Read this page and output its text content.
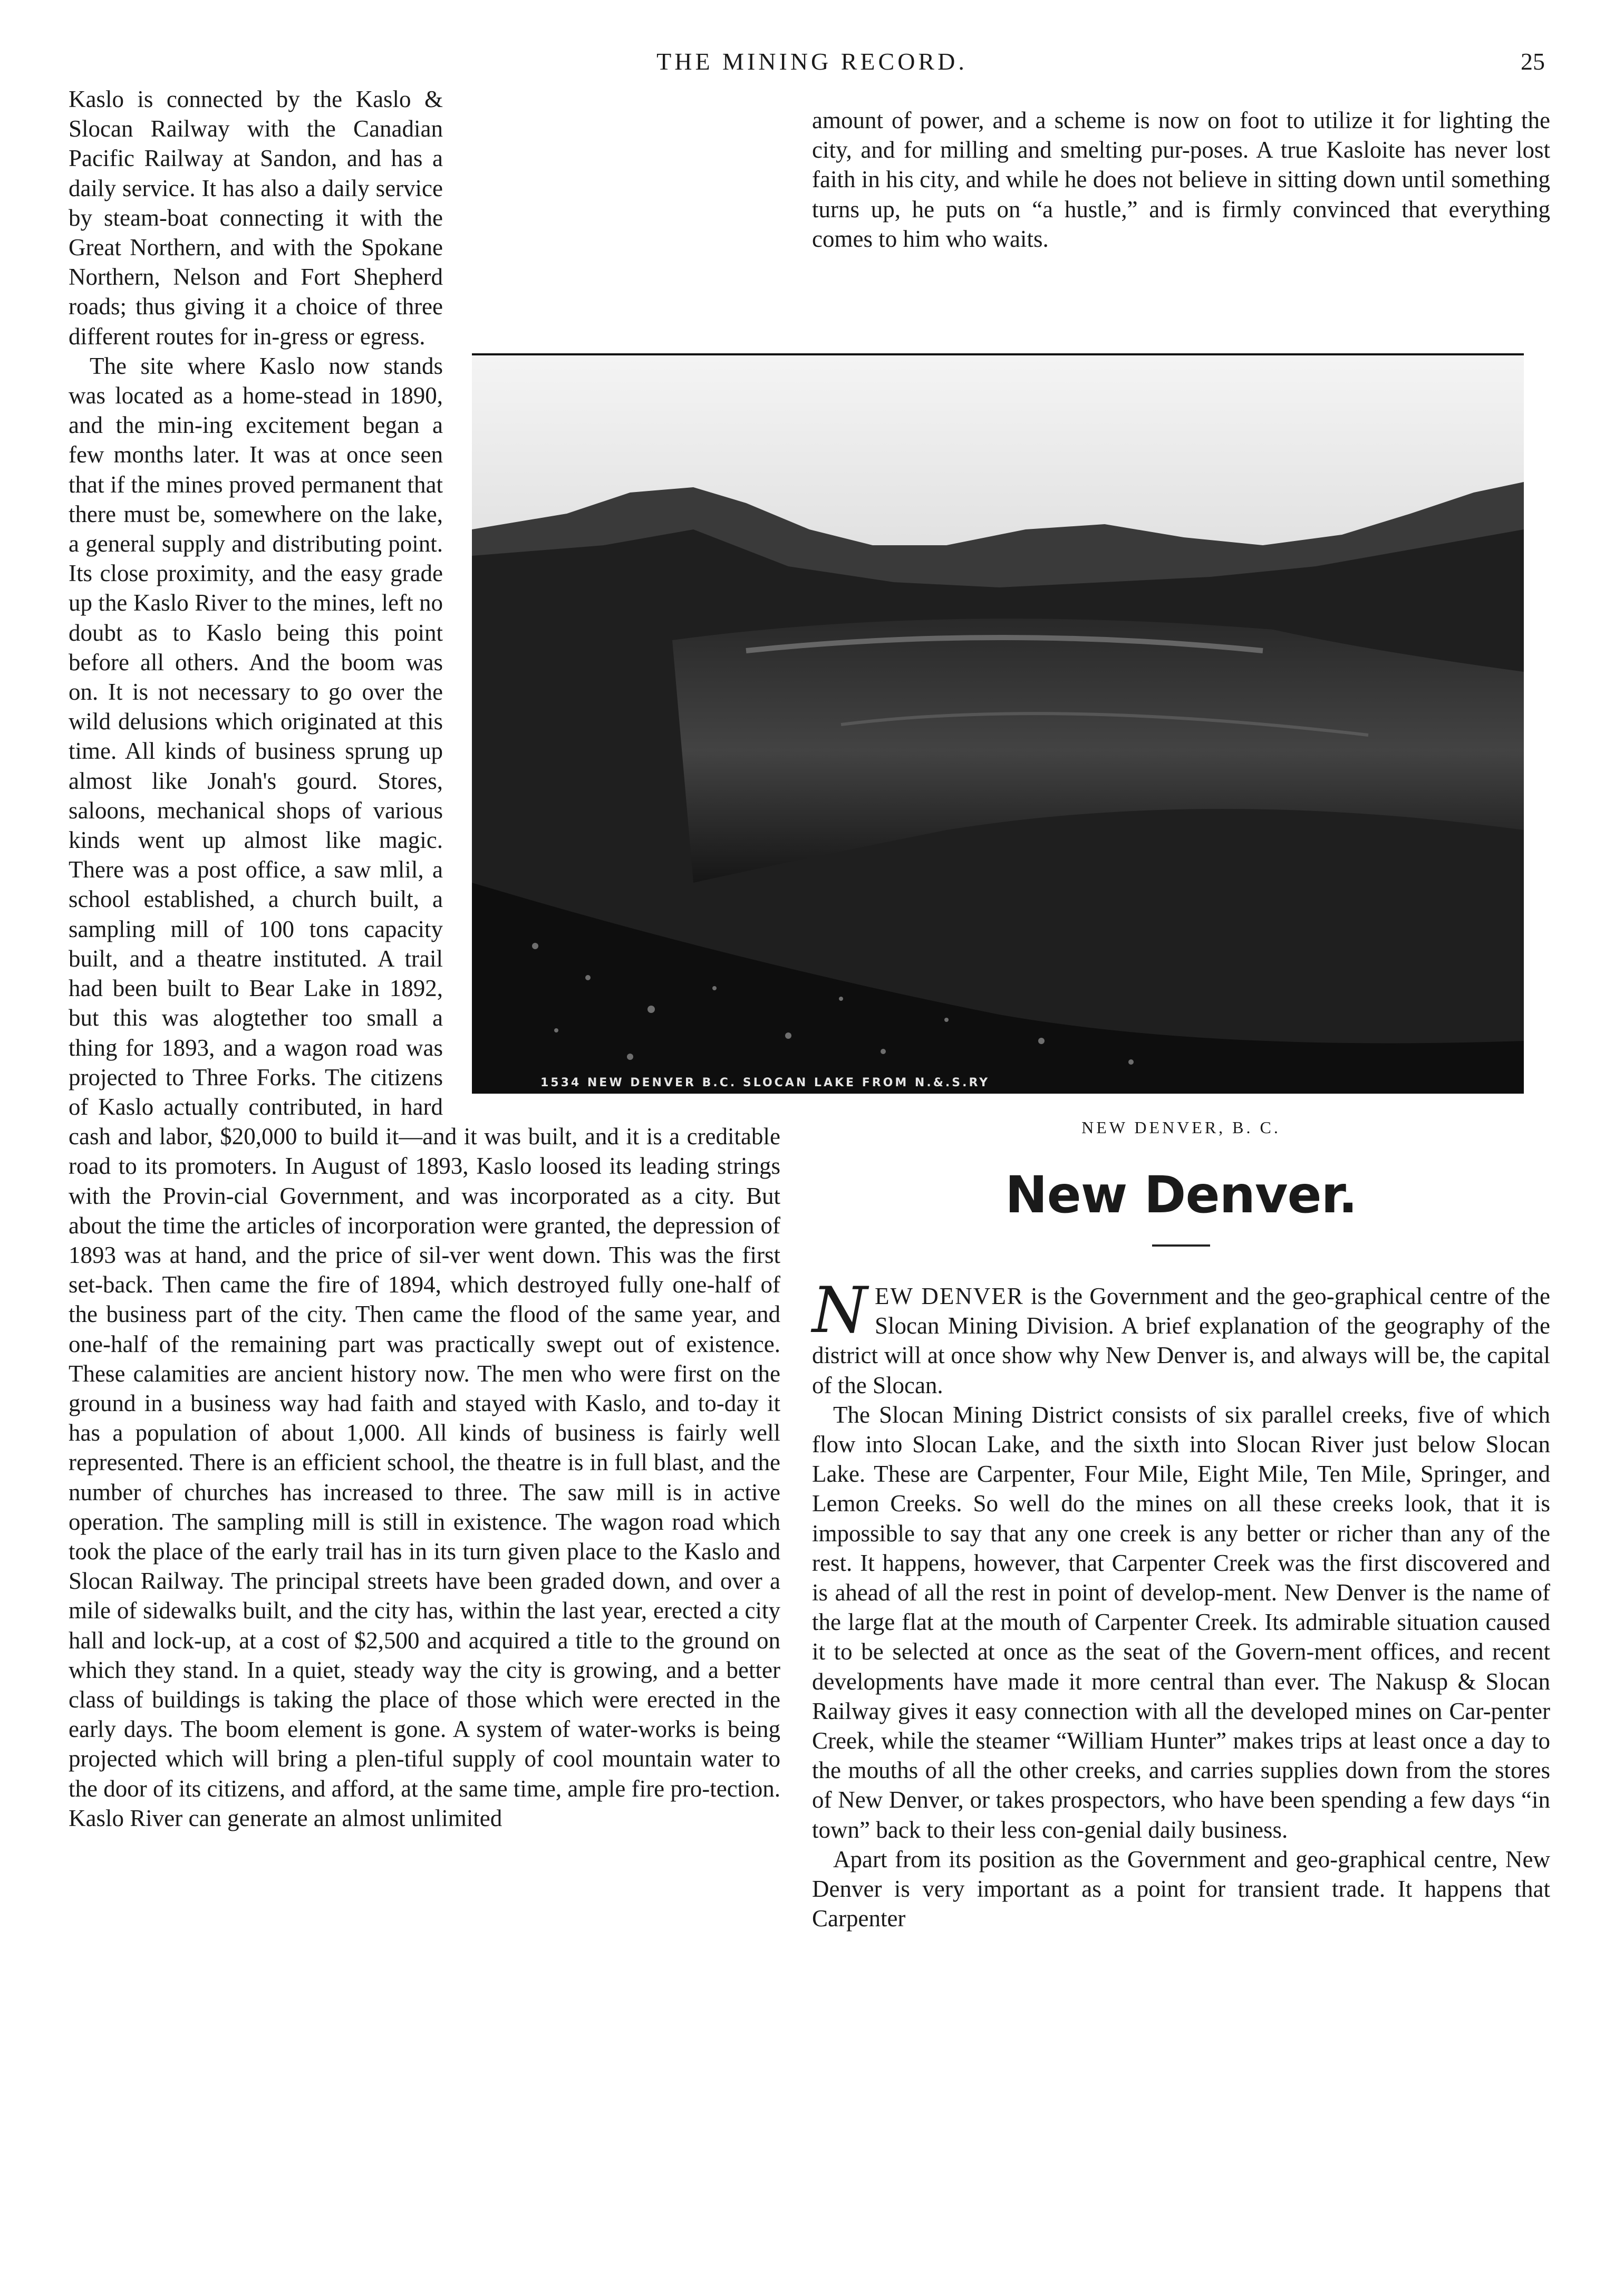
THE MINING RECORD.	25

Kaslo is connected by the Kaslo & Slocan Railway with the Canadian Pacific Railway at Sandon, and has a daily service. It has also a daily service by steam-boat connecting it with the Great Northern, and with the Spokane Northern, Nelson and Fort Shepherd roads; thus giving it a choice of three different routes for in-gress or egress.

The site where Kaslo now stands was located as a home-stead in 1890, and the min-ing excitement began a few months later. It was at once seen that if the mines proved permanent that there must be, somewhere on the lake, a general supply and distributing point. Its close proximity, and the easy grade up the Kaslo River to the mines, left no doubt as to Kaslo being this point before all others. And the boom was on. It is not necessary to go over the wild delusions which originated at this time. All kinds of business sprung up almost like Jonah's gourd. Stores, saloons, mechanical shops of various kinds went up almost like magic. There was a post office, a saw mlil, a school established, a church built, a sampling mill of 100 tons capacity built, and a theatre instituted. A trail had been built to Bear Lake in 1892, but this was alogtether too small a thing for 1893, and a wagon road was projected to Three Forks. The citizens of Kaslo actually contributed, in hard cash and labor, $20,000 to build it—and it was built, and it is a creditable road to its promoters. In August of 1893, Kaslo loosed its leading strings with the Provin-cial Government, and was incorporated as a city. But about the time the articles of incorporation were granted, the depression of 1893 was at hand, and the price of sil-ver went down. This was the first set-back. Then came the fire of 1894, which destroyed fully one-half of the business part of the city. Then came the flood of the same year, and one-half of the remaining part was practically swept out of existence. These calamities are ancient history now. The men who were first on the ground in a business way had faith and stayed with Kaslo, and to-day it has a population of about 1,000. All kinds of business is fairly well represented. There is an efficient school, the theatre is in full blast, and the number of churches has increased to three. The saw mill is in active operation. The sampling mill is still in existence. The wagon road which took the place of the early trail has in its turn given place to the Kaslo and Slocan Railway. The principal streets have been graded down, and over a mile of sidewalks built, and the city has, within the last year, erected a city hall and lock-up, at a cost of $2,500 and acquired a title to the ground on which they stand. In a quiet, steady way the city is growing, and a better class of buildings is taking the place of those which were erected in the early days. The boom element is gone. A system of water-works is being projected which will bring a plen-tiful supply of cool mountain water to the door of its citizens, and afford, at the same time, ample fire pro-tection. Kaslo River can generate an almost unlimited

amount of power, and a scheme is now on foot to utilize it for lighting the city, and for milling and smelting pur-poses. A true Kasloite has never lost faith in his city, and while he does not believe in sitting down until something turns up, he puts on “a hustle,” and is firmly convinced that everything comes to him who waits.

1534 NEW DENVER B.C. SLOCAN LAKE FROM N.&.S.RY
NEW DENVER, B. C.
New Denver.

NEW DENVER is the Government and the geo-graphical centre of the Slocan Mining Division. A brief explanation of the geography of the district will at once show why New Denver is, and always will be, the capital of the Slocan.

The Slocan Mining District consists of six parallel creeks, five of which flow into Slocan Lake, and the sixth into Slocan River just below Slocan Lake. These are Carpenter, Four Mile, Eight Mile, Ten Mile, Springer, and Lemon Creeks. So well do the mines on all these creeks look, that it is impossible to say that any one creek is any better or richer than any of the rest. It happens, however, that Carpenter Creek was the first discovered and is ahead of all the rest in point of develop-ment. New Denver is the name of the large flat at the mouth of Carpenter Creek. Its admirable situation caused it to be selected at once as the seat of the Govern-ment offices, and recent developments have made it more central than ever. The Nakusp & Slocan Railway gives it easy connection with all the developed mines on Car-penter Creek, while the steamer “William Hunter” makes trips at least once a day to the mouths of all the other creeks, and carries supplies down from the stores of New Denver, or takes prospectors, who have been spending a few days “in town” back to their less con-genial daily business.

Apart from its position as the Government and geo-graphical centre, New Denver is very important as a point for transient trade. It happens that Carpenter
